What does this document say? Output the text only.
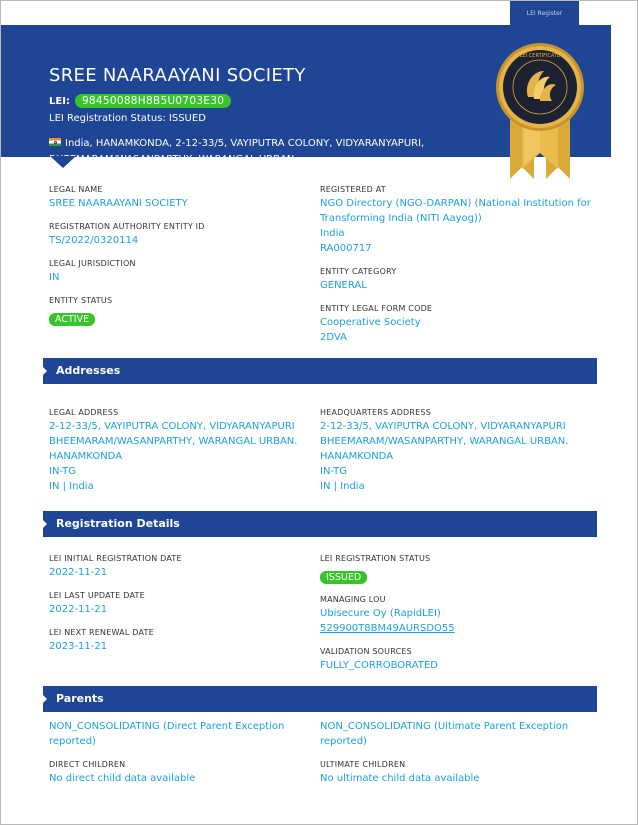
LEI Register
SREE NAARAAYANI SOCIETY
LEI:	98450088H8B5U0703E30
LEI Registration Status: ISSUED
India, HANAMKONDA, 2-12-33/5, VAYIPUTRA COLONY, VIDYARANYAPURI,
BHEEMARAM/WASANPARTHY, WARANGAL URBAN.,
LEI CERTIFICATE
LEGAL NAME
SREE NAARAAYANI SOCIETY
REGISTRATION AUTHORITY ENTITY ID
TS/2022/0320114
LEGAL JURISDICTION
IN
ENTITY STATUS
ACTIVE
REGISTERED AT
NGO Directory (NGO-DARPAN) (National Institution for
Transforming India (NITI Aayog))
India
RA000717
ENTITY CATEGORY
GENERAL
ENTITY LEGAL FORM CODE
Cooperative Society
2DVA
Addresses
LEGAL ADDRESS
2-12-33/5, VAYIPUTRA COLONY, VIDYARANYAPURI
BHEEMARAM/WASANPARTHY, WARANGAL URBAN.
HANAMKONDA
IN-TG
IN | India
HEADQUARTERS ADDRESS
2-12-33/5, VAYIPUTRA COLONY, VIDYARANYAPURI
BHEEMARAM/WASANPARTHY, WARANGAL URBAN.
HANAMKONDA
IN-TG
IN | India
Registration Details
LEI INITIAL REGISTRATION DATE
2022-11-21
LEI LAST UPDATE DATE
2022-11-21
LEI NEXT RENEWAL DATE
2023-11-21
LEI REGISTRATION STATUS
ISSUED
MANAGING LOU
Ubisecure Oy (RapidLEI)
529900T8BM49AURSDO55
VALIDATION SOURCES
FULLY_CORROBORATED
Parents
NON_CONSOLIDATING (Direct Parent Exception
reported)
DIRECT CHILDREN
No direct child data available
NON_CONSOLIDATING (Ultimate Parent Exception
reported)
ULTIMATE CHILDREN
No ultimate child data available
